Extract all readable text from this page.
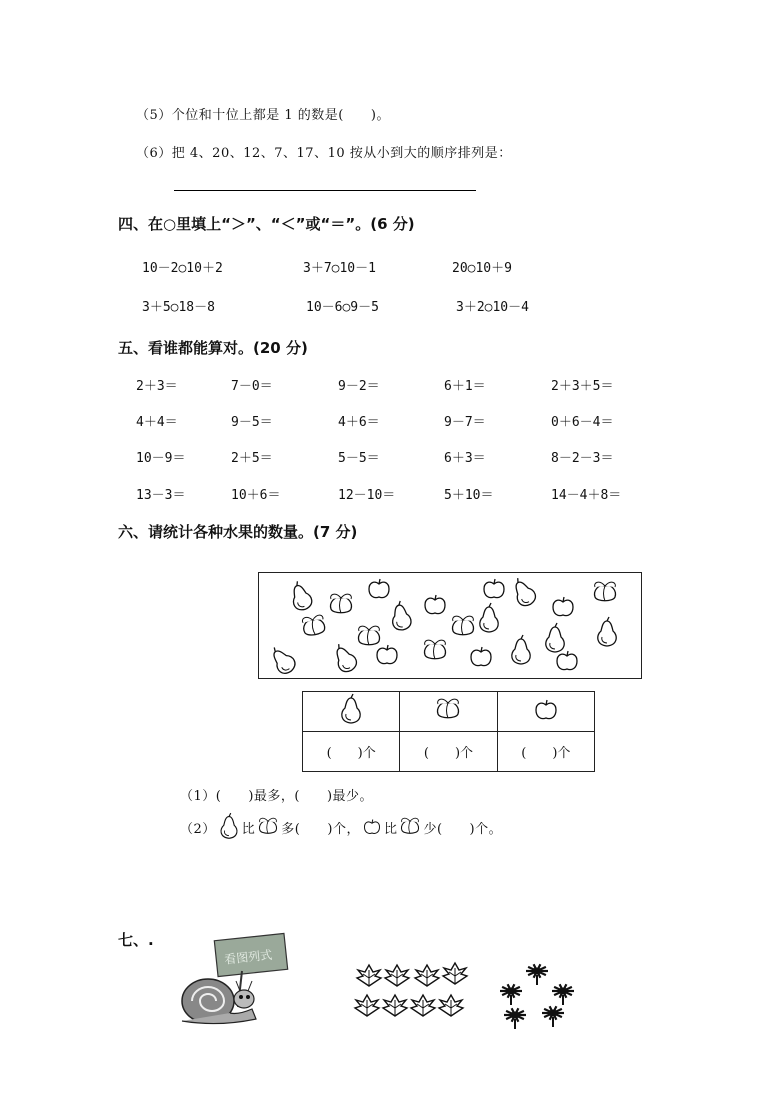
（5）个位和十位上都是 1 的数是(　　)。
（6）把 4、20、12、7、17、10 按从小到大的顺序排列是：
四、在○里填上“＞”、“＜”或“＝”。(6 分)
10－2○10＋2	3＋7○10－1	20○10＋9
3＋5○18－8	10－6○9－5	3＋2○10－4
五、看谁都能算对。(20 分)
2＋3＝	7－0＝	9－2＝	6＋1＝	2＋3＋5＝
4＋4＝	9－5＝	4＋6＝	9－7＝	0＋6－4＝
10－9＝	2＋5＝	5－5＝	6＋3＝	8－2－3＝
13－3＝	10＋6＝	12－10＝	5＋10＝	14－4＋8＝
六、请统计各种水果的数量。(7 分)

(　　)个	(　　)个	(　　)个
（1）(　　)最多，(　　)最少。
（2） 比 多(　　)个， 比 少(　　)个。
七、.
看图列式
